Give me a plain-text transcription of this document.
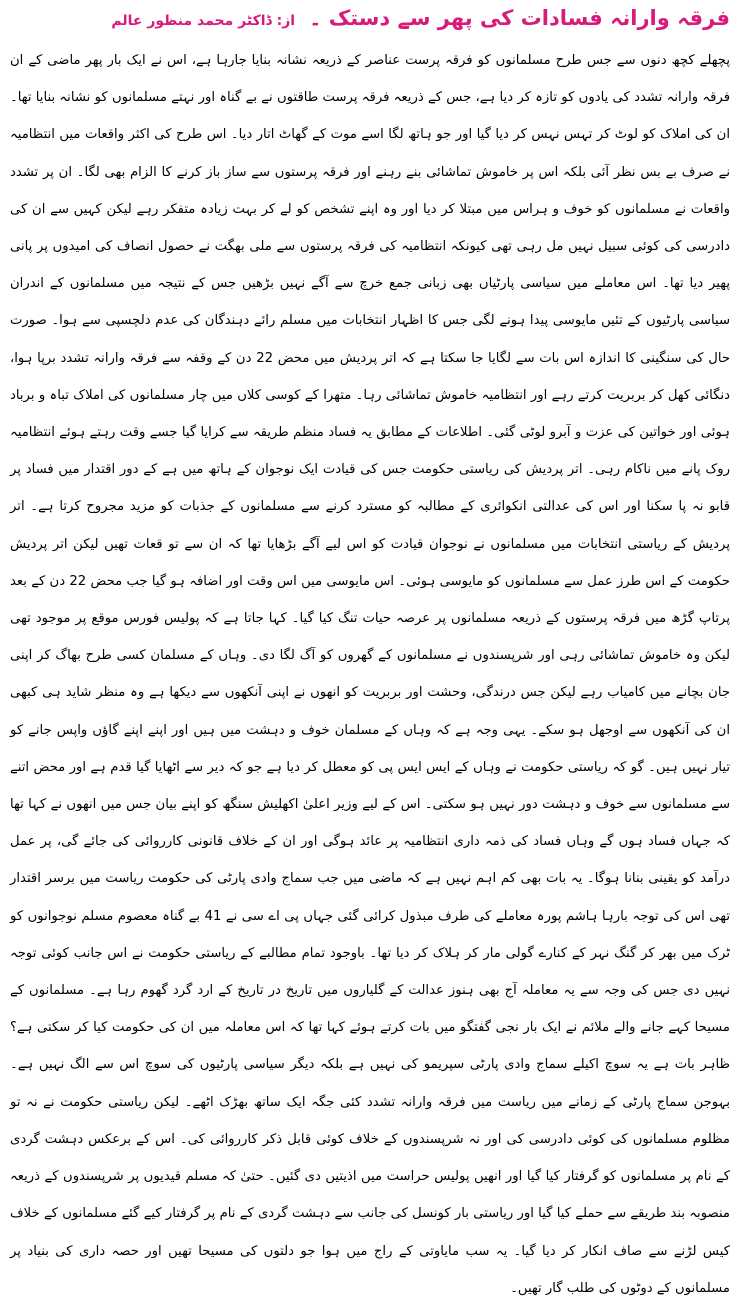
فرقہ وارانہ فسادات کی پھر سے دستک ۔
از: ڈاکٹر محمد منظور عالم
پچھلے کچھ دنوں سے جس طرح مسلمانوں کو فرقہ پرست عناصر کے ذریعہ نشانہ بنایا جارہا ہے، اس نے ایک بار پھر ماضی کے ان فرقہ وارانہ تشدد کی یادوں کو تازہ کر دیا ہے، جس کے ذریعہ فرقہ پرست طاقتوں نے بے گناہ اور نہتے مسلمانوں کو نشانہ بنایا تھا۔ ان کی املاک کو لوٹ کر تہس نہس کر دیا گیا اور جو ہاتھ لگا اسے موت کے گھاٹ اتار دیا۔ اس طرح کی اکثر واقعات میں انتظامیہ نے صرف بے بس نظر آئی بلکہ اس پر خاموش تماشائی بنے رہنے اور فرقہ پرستوں سے ساز باز کرنے کا الزام بھی لگا۔ ان پر تشدد واقعات نے مسلمانوں کو خوف و ہراس میں مبتلا کر دیا اور وہ اپنے تشخص کو لے کر بہت زیادہ متفکر رہے لیکن کہیں سے ان کی دادرسی کی کوئی سبیل نہیں مل رہی تھی کیونکہ انتظامیہ کی فرقہ پرستوں سے ملی بھگت نے حصول انصاف کی امیدوں پر پانی پھیر دیا تھا۔ اس معاملے میں سیاسی پارٹیاں بھی زبانی جمع خرچ سے آگے نہیں بڑھیں جس کے نتیجہ میں مسلمانوں کے اندران سیاسی پارٹیوں کے تئیں مایوسی پیدا ہونے لگی جس کا اظہار انتخابات میں مسلم رائے دہندگان کی عدم دلچسپی سے ہوا۔ صورت حال کی سنگینی کا اندازہ اس بات سے لگایا جا سکتا ہے کہ اتر پردیش میں محض 22 دن کے وقفہ سے فرقہ وارانہ تشدد برپا ہوا، دنگائی کھل کر بربریت کرتے رہے اور انتظامیہ خاموش تماشائی رہا۔ متھرا کے کوسی کلاں میں چار مسلمانوں کی املاک تباہ و برباد ہوئی اور خواتین کی عزت و آبرو لوٹی گئی۔ اطلاعات کے مطابق یہ فساد منظم طریقہ سے کرایا گیا جسے وقت رہتے ہوئے انتظامیہ روک پانے میں ناکام رہی۔ اتر پردیش کی ریاستی حکومت جس کی قیادت ایک نوجوان کے ہاتھ میں ہے کے دور اقتدار میں فساد پر قابو نہ پا سکنا اور اس کی عدالتی انکوائری کے مطالبہ کو مسترد کرنے سے مسلمانوں کے جذبات کو مزید مجروح کرتا ہے۔ اتر پردیش کے ریاستی انتخابات میں مسلمانوں نے نوجوان قیادت کو اس لیے آگے بڑھایا تھا کہ ان سے تو قعات تھیں لیکن اتر پردیش حکومت کے اس طرز عمل سے مسلمانوں کو مایوسی ہوئی۔ اس مایوسی میں اس وقت اور اضافہ ہو گیا جب محض 22 دن کے بعد پرتاپ گڑھ میں فرقہ پرستوں کے ذریعہ مسلمانوں پر عرصہ حیات تنگ کیا گیا۔ کہا جاتا ہے کہ پولیس فورس موقع پر موجود تھی لیکن وہ خاموش تماشائی رہی اور شرپسندوں نے مسلمانوں کے گھروں کو آگ لگا دی۔ وہاں کے مسلمان کسی طرح بھاگ کر اپنی جان بچانے میں کامیاب رہے لیکن جس درندگی، وحشت اور بربریت کو انھوں نے اپنی آنکھوں سے دیکھا ہے وہ منظر شاید ہی کبھی ان کی آنکھوں سے اوجھل ہو سکے۔ یہی وجہ ہے کہ وہاں کے مسلمان خوف و دہشت میں ہیں اور اپنے اپنے گاؤں واپس جانے کو تیار نہیں ہیں۔ گو کہ ریاستی حکومت نے وہاں کے ایس ایس پی کو معطل کر دیا ہے جو کہ دیر سے اٹھایا گیا قدم ہے اور محض اتنے سے مسلمانوں سے خوف و دہشت دور نہیں ہو سکتی۔ اس کے لیے وزیر اعلیٰ اکھلیش سنگھ کو اپنے بیان جس میں انھوں نے کہا تھا کہ جہاں فساد ہوں گے وہاں فساد کی ذمہ داری انتظامیہ پر عائد ہوگی اور ان کے خلاف قانونی کارروائی کی جائے گی، پر عمل درآمد کو یقینی بنانا ہوگا۔ یہ بات بھی کم اہم نہیں ہے کہ ماضی میں جب سماج وادی پارٹی کی حکومت ریاست میں برسر اقتدار تھی اس کی توجہ بارہا ہاشم پورہ معاملے کی طرف مبذول کرائی گئی جہاں پی اے سی نے 41 بے گناہ معصوم مسلم نوجوانوں کو ٹرک میں بھر کر گنگ نہر کے کنارے گولی مار کر ہلاک کر دیا تھا۔ باوجود تمام مطالبے کے ریاستی حکومت نے اس جانب کوئی توجہ نہیں دی جس کی وجہ سے یہ معاملہ آج بھی ہنوز عدالت کے گلیاروں میں تاریخ در تاریخ کے ارد گرد گھوم رہا ہے۔ مسلمانوں کے مسیحا کہے جانے والے ملائم نے ایک بار نجی گفتگو میں بات کرتے ہوئے کہا تھا کہ اس معاملہ میں ان کی حکومت کیا کر سکتی ہے؟ ظاہر بات ہے یہ سوچ اکیلے سماج وادی پارٹی سپریمو کی نہیں ہے بلکہ دیگر سیاسی پارٹیوں کی سوچ اس سے الگ نہیں ہے۔ بہوجن سماج پارٹی کے زمانے میں ریاست میں فرقہ وارانہ تشدد کئی جگہ ایک ساتھ بھڑک اٹھے۔ لیکن ریاستی حکومت نے نہ تو مظلوم مسلمانوں کی کوئی دادرسی کی اور نہ شرپسندوں کے خلاف کوئی قابل ذکر کارروائی کی۔ اس کے برعکس دہشت گردی کے نام پر مسلمانوں کو گرفتار کیا گیا اور انھیں پولیس حراست میں اذیتیں دی گئیں۔ حتیٰ کہ مسلم قیدیوں پر شرپسندوں کے ذریعہ منصوبہ بند طریقے سے حملے کیا گیا اور ریاستی بار کونسل کی جانب سے دہشت گردی کے نام پر گرفتار کیے گئے مسلمانوں کے خلاف کیس لڑنے سے صاف انکار کر دیا گیا۔ یہ سب مایاوتی کے راج میں ہوا جو دلتوں کی مسیحا تھیں اور حصہ داری کی بنیاد پر مسلمانوں کے دوٹوں کی طلب گار تھیں۔
